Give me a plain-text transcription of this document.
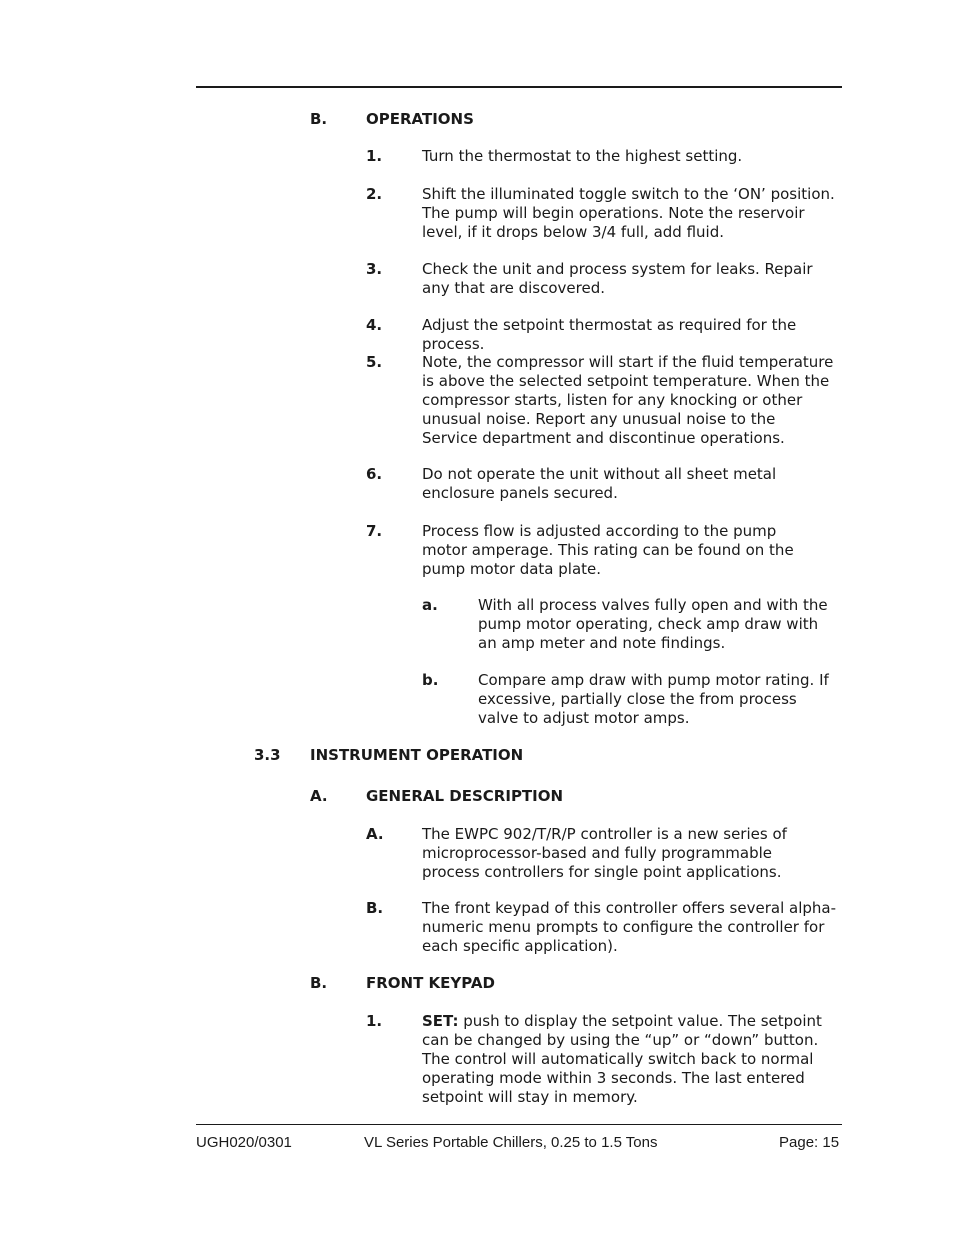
B.	OPERATIONS
1.	Turn the thermostat to the highest setting.
2.	Shift the illuminated toggle switch to the ‘ON’ position. The pump will begin operations. Note the reservoir level, if it drops below 3/4 full, add fluid.
3.	Check the unit and process system for leaks. Repair any that are discovered.
4.	Adjust the setpoint thermostat as required for the process.
5.	Note, the compressor will start if the fluid temperature is above the selected setpoint temperature. When the compressor starts, listen for any knocking or other unusual noise. Report any unusual noise to the Service department and discontinue operations.
6.	Do not operate the unit without all sheet metal enclosure panels secured.
7.	Process flow is adjusted according to the pump motor amperage. This rating can be found on the pump motor data plate.
a.	With all process valves fully open and with the pump motor operating, check amp draw with an amp meter and note findings.
b.	Compare amp draw with pump motor rating. If excessive, partially close the from process valve to adjust motor amps.
3.3 INSTRUMENT OPERATION
A.	GENERAL DESCRIPTION
A.	The EWPC 902/T/R/P controller is a new series of microprocessor-based and fully programmable process controllers for single point applications.
B.	The front keypad of this controller offers several alpha-numeric menu prompts to configure the controller for each specific application).
B.	FRONT KEYPAD
1.	SET: push to display the setpoint value. The setpoint can be changed by using the “up” or “down” button. The control will automatically switch back to normal operating mode within 3 seconds. The last entered setpoint will stay in memory.
UGH020/0301	VL Series Portable Chillers, 0.25 to 1.5 Tons	Page: 15
